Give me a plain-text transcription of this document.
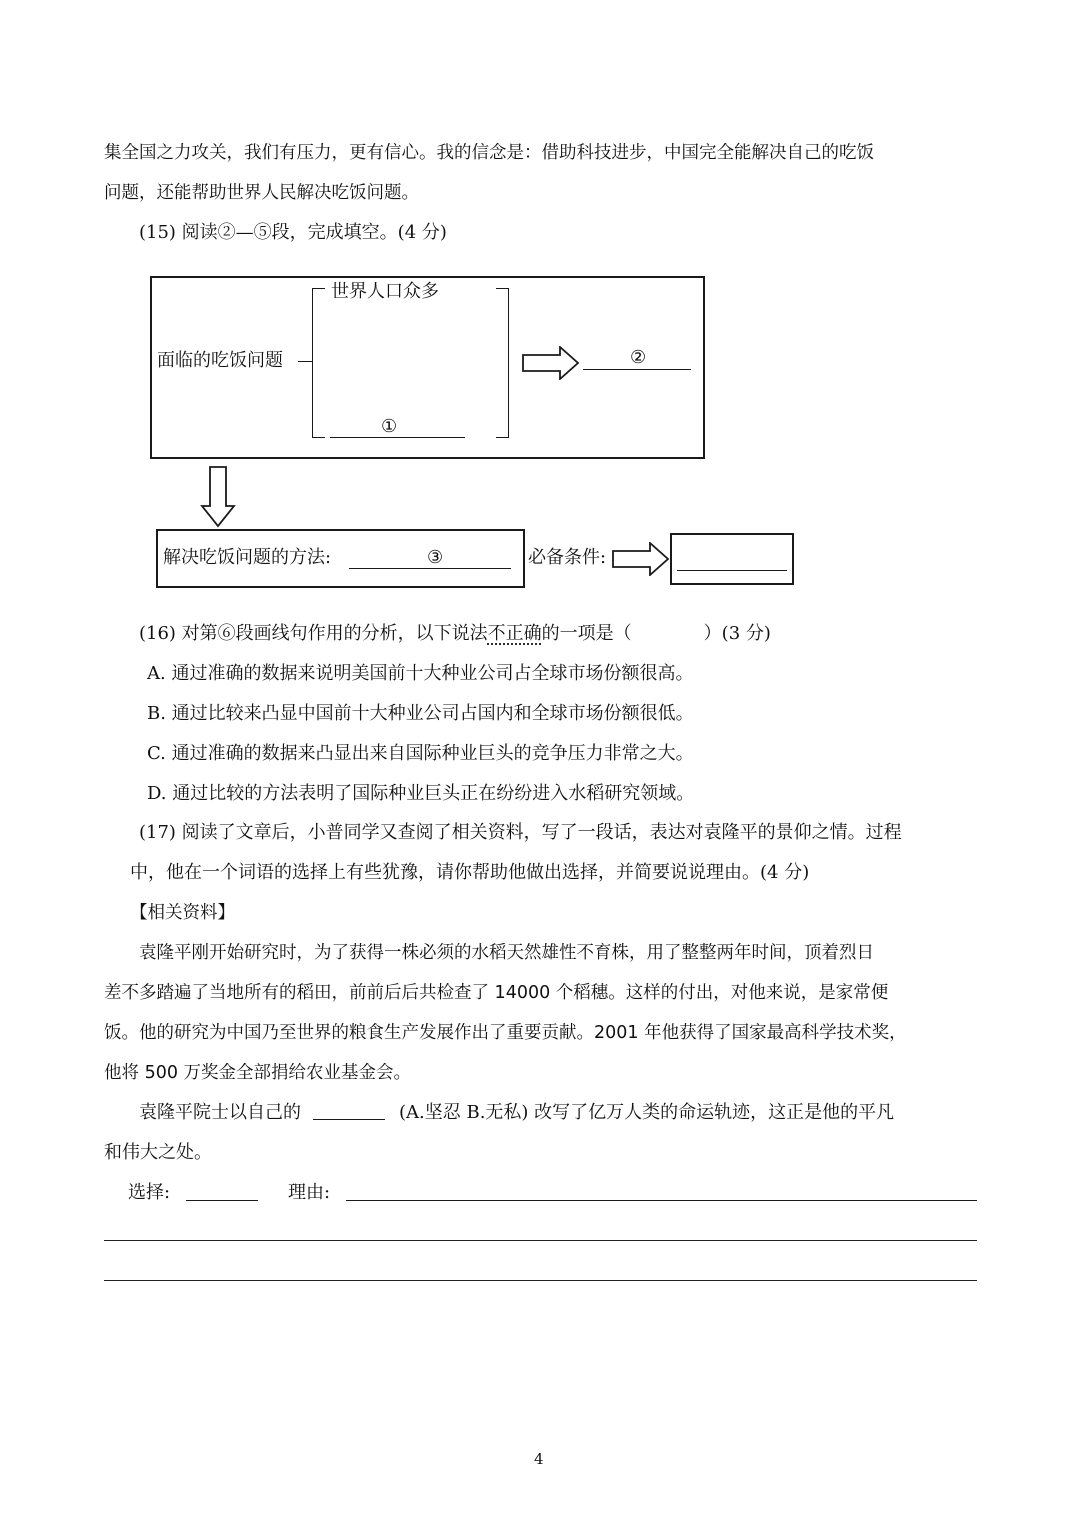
集全国之力攻关，我们有压力，更有信心。我的信念是：借助科技进步，中国完全能解决自己的吃饭
问题，还能帮助世界人民解决吃饭问题。
(15) 阅读②—⑤段，完成填空。(4 分)
面临的吃饭问题
世界人口众多
①
②
解决吃饭问题的方法:	③	必备条件:
(16) 对第⑥段画线句作用的分析，以下说法不正确的一项是（	）(3 分)
A. 通过准确的数据来说明美国前十大种业公司占全球市场份额很高。
B. 通过比较来凸显中国前十大种业公司占国内和全球市场份额很低。
C. 通过准确的数据来凸显出来自国际种业巨头的竞争压力非常之大。
D. 通过比较的方法表明了国际种业巨头正在纷纷进入水稻研究领域。
(17) 阅读了文章后，小普同学又查阅了相关资料，写了一段话，表达对袁隆平的景仰之情。过程
中，他在一个词语的选择上有些犹豫，请你帮助他做出选择，并简要说说理由。(4 分)
【相关资料】
袁隆平刚开始研究时，为了获得一株必须的水稻天然雄性不育株，用了整整两年时间，顶着烈日
差不多踏遍了当地所有的稻田，前前后后共检查了 14000 个稻穗。这样的付出，对他来说，是家常便
饭。他的研究为中国乃至世界的粮食生产发展作出了重要贡献。2001 年他获得了国家最高科学技术奖，
他将 500 万奖金全部捐给农业基金会。
袁隆平院士以自己的	(A.坚忍 B.无私) 改写了亿万人类的命运轨迹，这正是他的平凡
和伟大之处。
选择:	理由:
4
